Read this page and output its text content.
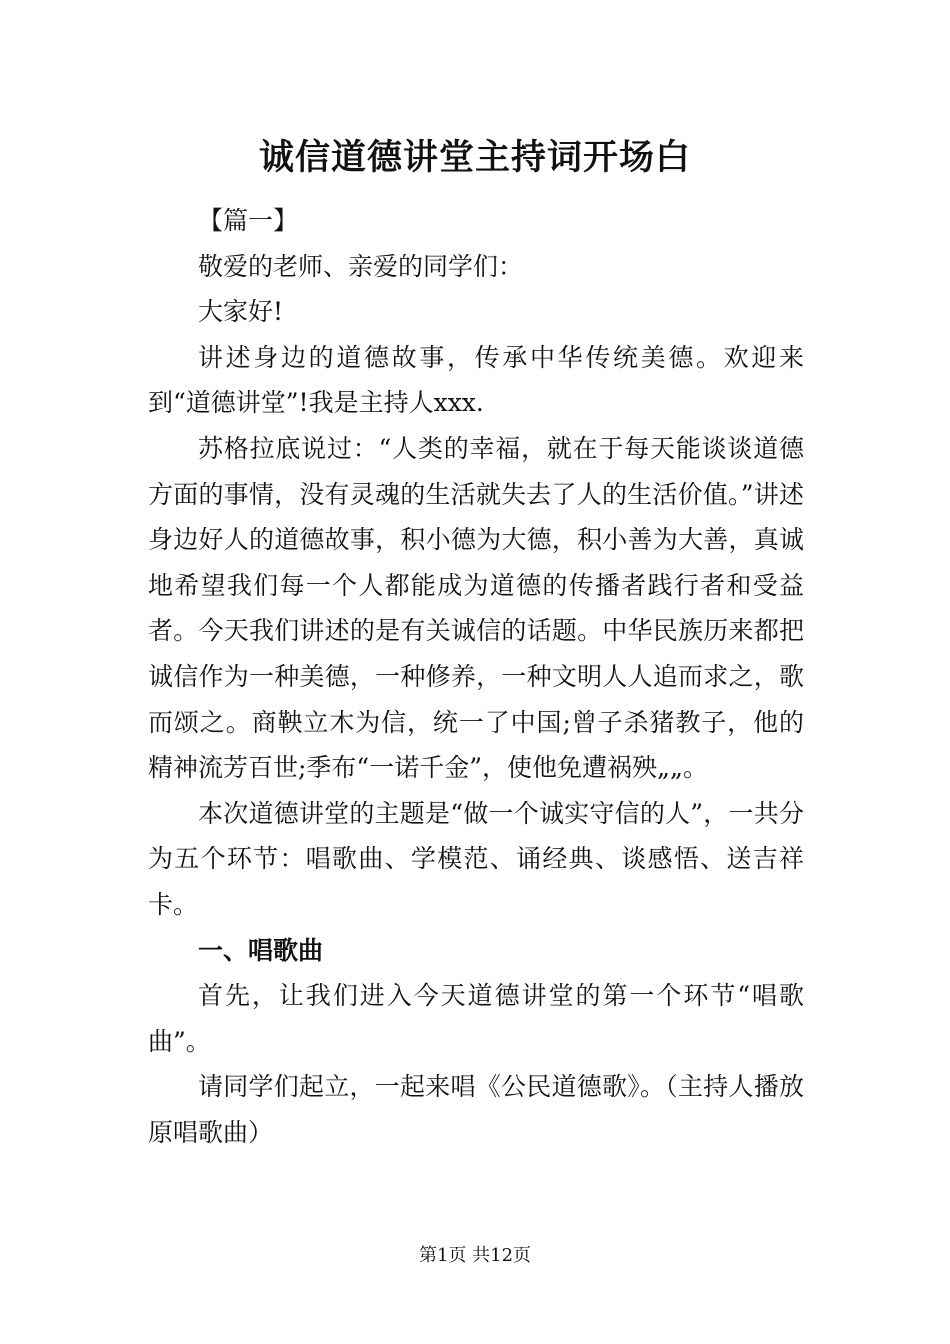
诚信道德讲堂主持词开场白

【篇一】

敬爱的老师、亲爱的同学们：

大家好!

讲述身边的道德故事，传承中华传统美德。欢迎来到“道德讲堂”!我是主持人xxx.

苏格拉底说过：“人类的幸福，就在于每天能谈谈道德方面的事情，没有灵魂的生活就失去了人的生活价值。”讲述身边好人的道德故事，积小德为大德，积小善为大善，真诚地希望我们每一个人都能成为道德的传播者践行者和受益者。今天我们讲述的是有关诚信的话题。中华民族历来都把诚信作为一种美德，一种修养，一种文明人人追而求之，歌而颂之。商鞅立木为信，统一了中国;曾子杀猪教子，他的精神流芳百世;季布“一诺千金”，使他免遭祸殃„„。

本次道德讲堂的主题是“做一个诚实守信的人”，一共分为五个环节：唱歌曲、学模范、诵经典、谈感悟、送吉祥卡。

一、唱歌曲

首先，让我们进入今天道德讲堂的第一个环节“唱歌曲”。

请同学们起立，一起来唱《公民道德歌》。（主持人播放原唱歌曲）

第1页 共12页
